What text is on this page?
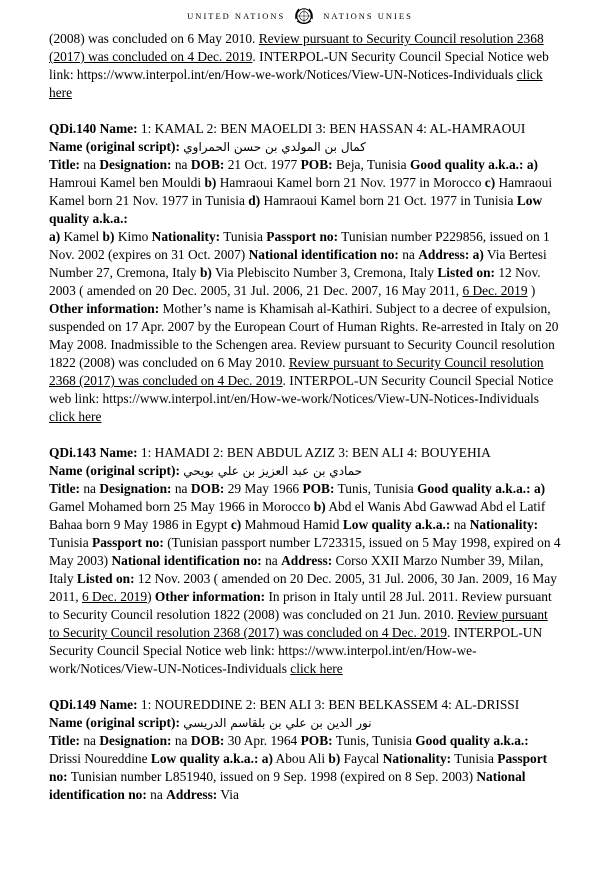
UNITED NATIONS	NATIONS UNIES

(2008) was concluded on 6 May 2010. Review pursuant to Security Council resolution 2368 (2017) was concluded on 4 Dec. 2019. INTERPOL-UN Security Council Special Notice web link: https://www.interpol.int/en/How-we-work/Notices/View-UN-Notices-Individuals click here

QDi.140 Name: 1: KAMAL 2: BEN MAOELDI 3: BEN HASSAN 4: AL-HAMRAOUI

Name (original script): كمال بن المولدي بن حسن الحمراوي

Title: na Designation: na DOB: 21 Oct. 1977 POB: Beja, Tunisia Good quality a.k.a.: a) Hamroui Kamel ben Mouldi b) Hamraoui Kamel born 21 Nov. 1977 in Morocco c) Hamraoui Kamel born 21 Nov. 1977 in Tunisia d) Hamraoui Kamel born 21 Oct. 1977 in Tunisia Low quality a.k.a.:
a) Kamel b) Kimo Nationality: Tunisia Passport no: Tunisian number P229856, issued on 1 Nov. 2002 (expires on 31 Oct. 2007) National identification no: na Address: a) Via Bertesi Number 27, Cremona, Italy b) Via Plebiscito Number 3, Cremona, Italy Listed on: 12 Nov. 2003 ( amended on 20 Dec. 2005, 31 Jul. 2006, 21 Dec. 2007, 16 May 2011, 6 Dec. 2019 ) Other information: Mother’s name is Khamisah al-Kathiri. Subject to a decree of expulsion, suspended on 17 Apr. 2007 by the European Court of Human Rights. Re-arrested in Italy on 20 May 2008. Inadmissible to the Schengen area. Review pursuant to Security Council resolution 1822 (2008) was concluded on 6 May 2010. Review pursuant to Security Council resolution 2368 (2017) was concluded on 4 Dec. 2019. INTERPOL-UN Security Council Special Notice web link: https://www.interpol.int/en/How-we-work/Notices/View-UN-Notices-Individuals click here

QDi.143 Name: 1: HAMADI 2: BEN ABDUL AZIZ 3: BEN ALI 4: BOUYEHIA

Name (original script): حمادي بن عبد العزيز بن علي بويحي

Title: na Designation: na DOB: 29 May 1966 POB: Tunis, Tunisia Good quality a.k.a.: a) Gamel Mohamed born 25 May 1966 in Morocco b) Abd el Wanis Abd Gawwad Abd el Latif Bahaa born 9 May 1986 in Egypt c) Mahmoud Hamid Low quality a.k.a.: na Nationality: Tunisia Passport no: (Tunisian passport number L723315, issued on 5 May 1998, expired on 4 May 2003) National identification no: na Address: Corso XXII Marzo Number 39, Milan, Italy Listed on: 12 Nov. 2003 ( amended on 20 Dec. 2005, 31 Jul. 2006, 30 Jan. 2009, 16 May 2011, 6 Dec. 2019) Other information: In prison in Italy until 28 Jul. 2011. Review pursuant to Security Council resolution 1822 (2008) was concluded on 21 Jun. 2010. Review pursuant to Security Council resolution 2368 (2017) was concluded on 4 Dec. 2019. INTERPOL-UN Security Council Special Notice web link: https://www.interpol.int/en/How-we-work/Notices/View-UN-Notices-Individuals click here

QDi.149 Name: 1: NOUREDDINE 2: BEN ALI 3: BEN BELKASSEM 4: AL-DRISSI

Name (original script): نور الدين بن علي بن بلقاسم الدريسي

Title: na Designation: na DOB: 30 Apr. 1964 POB: Tunis, Tunisia Good quality a.k.a.: Drissi Noureddine Low quality a.k.a.: a) Abou Ali b) Faycal Nationality: Tunisia Passport no: Tunisian number L851940, issued on 9 Sep. 1998 (expired on 8 Sep. 2003) National identification no: na Address: Via
